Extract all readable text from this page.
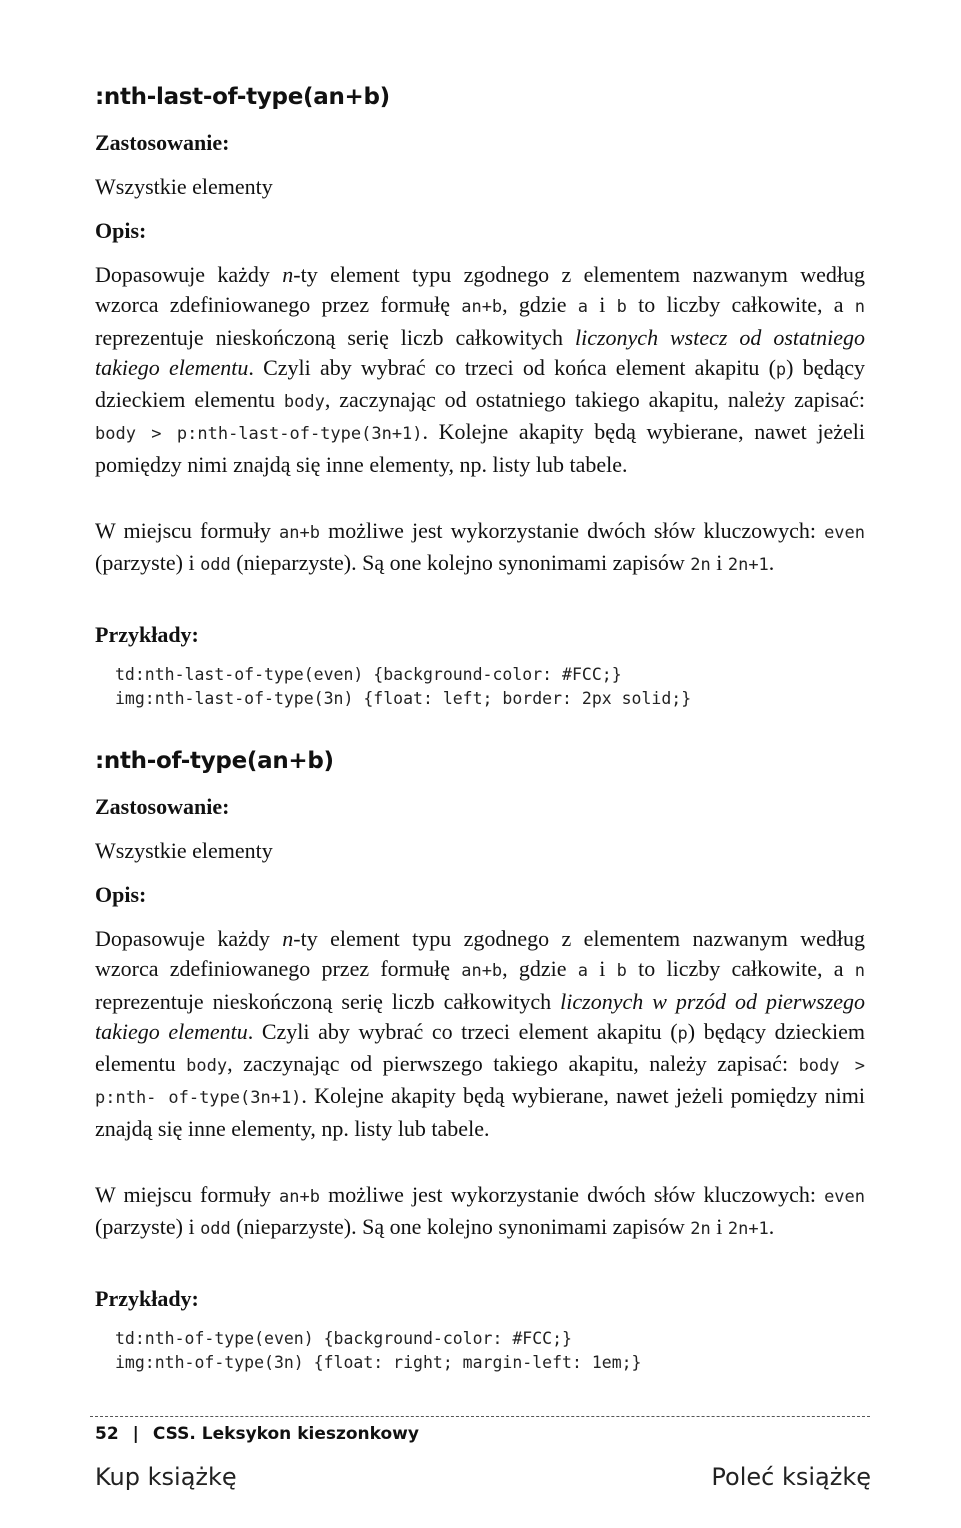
:nth-last-of-type(an+b)
Zastosowanie:
Wszystkie elementy
Opis:

Dopasowuje każdy n-ty element typu zgodnego z elementem nazwanym według wzorca zdefiniowanego przez formułę an+b, gdzie a i b to liczby całkowite, a n reprezentuje nieskończoną serię liczb całkowitych liczonych wstecz od ostatniego takiego elementu. Czyli aby wybrać co trzeci od końca element akapitu (p) będący dzieckiem elementu body, zaczynając od ostatniego takiego akapitu, należy zapisać: body > p:nth-last-of-type(3n+1). Kolejne akapity będą wybierane, nawet jeżeli pomiędzy nimi znajdą się inne elementy, np. listy lub tabele.

W miejscu formuły an+b możliwe jest wykorzystanie dwóch słów kluczowych: even (parzyste) i odd (nieparzyste). Są one kolejno synonimami zapisów 2n i 2n+1.

Przykłady:
td:nth-last-of-type(even) {background-color: #FCC;}
img:nth-last-of-type(3n) {float: left; border: 2px solid;}
:nth-of-type(an+b)
Zastosowanie:
Wszystkie elementy
Opis:

Dopasowuje każdy n-ty element typu zgodnego z elementem nazwanym według wzorca zdefiniowanego przez formułę an+b, gdzie a i b to liczby całkowite, a n reprezentuje nieskończoną serię liczb całkowitych liczonych w przód od pierwszego takiego elementu. Czyli aby wybrać co trzeci element akapitu (p) będący dzieckiem elementu body, zaczynając od pierwszego takiego akapitu, należy zapisać: body > p:nth- of-type(3n+1). Kolejne akapity będą wybierane, nawet jeżeli pomiędzy nimi znajdą się inne elementy, np. listy lub tabele.

W miejscu formuły an+b możliwe jest wykorzystanie dwóch słów kluczowych: even (parzyste) i odd (nieparzyste). Są one kolejno synonimami zapisów 2n i 2n+1.

Przykłady:
td:nth-of-type(even) {background-color: #FCC;}
img:nth-of-type(3n) {float: right; margin-left: 1em;}
52 | CSS. Leksykon kieszonkowy
Kup książkę	Poleć książkę
